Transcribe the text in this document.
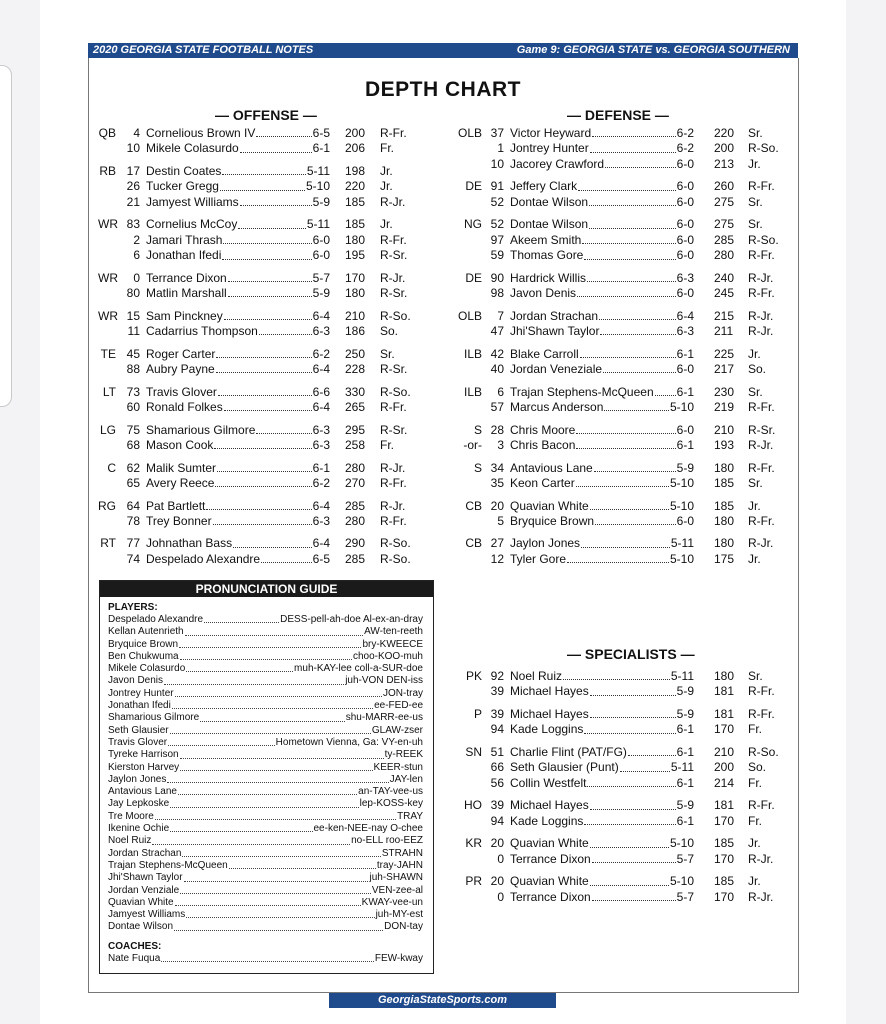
2020 GEORGIA STATE FOOTBALL NOTES	Game 9: GEORGIA STATE vs. GEORGIA SOUTHERN
DEPTH CHART
— OFFENSE —	— DEFENSE —
— SPECIALISTS —
QB	4 Cornelious Brown IV	6-5 200 R-Fr.
10 Mikele Colasurdo	6-1 206 Fr.
RB 17 Destin Coates	5-11 198 Jr.
26 Tucker Gregg	5-10 220 Jr.
21 Jamyest Williams	5-9 185 R-Jr.
WR 83 Cornelius McCoy	5-11 185 Jr.
2 Jamari Thrash	6-0 180 R-Fr.
6 Jonathan Ifedi	6-0 195 R-Sr.
WR	0 Terrance Dixon	5-7 170 R-Jr.
80 Matlin Marshall	5-9 180 R-Sr.
WR 15 Sam Pinckney	6-4 210 R-So.
11 Cadarrius Thompson	6-3 186 So.
TE 45 Roger Carter	6-2 250 Sr.
88 Aubry Payne	6-4 228 R-Sr.
LT 73 Travis Glover	6-6 330 R-So.
60 Ronald Folkes	6-4 265 R-Fr.
LG 75 Shamarious Gilmore	6-3 295 R-Sr.
68 Mason Cook	6-3 258 Fr.
C 62 Malik Sumter	6-1 280 R-Jr.
65 Avery Reece	6-2 270 R-Fr.
RG 64 Pat Bartlett	6-4 285 R-Jr.
78 Trey Bonner	6-3 280 R-Fr.
RT 77 Johnathan Bass	6-4 290 R-So.
74 Despelado Alexandre	6-5 285 R-So.
OLB 37 Victor Heyward	6-2 220 Sr.
1 Jontrey Hunter	6-2 200 R-So.
10 Jacorey Crawford	6-0 213 Jr.
DE 91 Jeffery Clark	6-0 260 R-Fr.
52 Dontae Wilson	6-0 275 Sr.
NG 52 Dontae Wilson	6-0 275 Sr.
97 Akeem Smith	6-0 285 R-So.
59 Thomas Gore	6-0 280 R-Fr.
DE 90 Hardrick Willis	6-3 240 R-Jr.
98 Javon Denis	6-0 245 R-Fr.
OLB	7 Jordan Strachan	6-4 215 R-Jr.
47 Jhi'Shawn Taylor	6-3 211 R-Jr.
ILB 42 Blake Carroll	6-1 225 Jr.
40 Jordan Veneziale	6-0 217 So.
ILB	6 Trajan Stephens-McQueen 6-1 230 Sr.
57 Marcus Anderson	5-10 219 R-Fr.
S 28 Chris Moore	6-0 210 R-Sr.
-or-	3 Chris Bacon	6-1 193 R-Jr.
S 34 Antavious Lane	5-9 180 R-Fr.
35 Keon Carter	5-10 185 Sr.
CB 20 Quavian White	5-10 185 Jr.
5 Bryquice Brown	6-0 180 R-Fr.
CB 27 Jaylon Jones	5-11 180 R-Jr.
12 Tyler Gore	5-10 175 Jr.
PK 92 Noel Ruiz	5-11 180 Sr.
39 Michael Hayes	5-9 181 R-Fr.
P 39 Michael Hayes	5-9 181 R-Fr.
94 Kade Loggins	6-1 170 Fr.
SN 51 Charlie Flint (PAT/FG)	6-1 210 R-So.
66 Seth Glausier (Punt)	5-11 200 So.
56 Collin Westfelt	6-1 214 Fr.
HO 39 Michael Hayes	5-9 181 R-Fr.
94 Kade Loggins	6-1 170 Fr.
KR 20 Quavian White	5-10 185 Jr.
0 Terrance Dixon	5-7 170 R-Jr.
PR 20 Quavian White	5-10 185 Jr.
0 Terrance Dixon	5-7 170 R-Jr.
PRONUNCIATION GUIDE
PLAYERS:
Despelado Alexandre	DESS-pell-ah-doe Al-ex-an-dray
Kellan Autenrieth	AW-ten-reeth
Bryquice Brown	bry-KWEECE
Ben Chukwuma	choo-KOO-muh
Mikele Colasurdo	muh-KAY-lee coll-a-SUR-doe
Javon Denis	juh-VON DEN-iss
Jontrey Hunter	JON-tray
Jonathan Ifedi	ee-FED-ee
Shamarious Gilmore	shu-MARR-ee-us
Seth Glausier	GLAW-zser
Travis Glover	Hometown Vienna, Ga: VY-en-uh
Tyreke Harrison	ty-REEK
Kierston Harvey	KEER-stun
Jaylon Jones	JAY-len
Antavious Lane	an-TAY-vee-us
Jay Lepkoske	lep-KOSS-key
Tre Moore	TRAY
Ikenine Ochie	ee-ken-NEE-nay O-chee
Noel Ruiz	no-ELL roo-EEZ
Jordan Strachan	STRAHN
Trajan Stephens-McQueen	tray-JAHN
Jhi'Shawn Taylor	juh-SHAWN
Jordan Venziale	VEN-zee-al
Quavian White	KWAY-vee-un
Jamyest Williams	juh-MY-est
Dontae Wilson	DON-tay
COACHES:
Nate Fuqua	FEW-kway
GeorgiaStateSports.com
